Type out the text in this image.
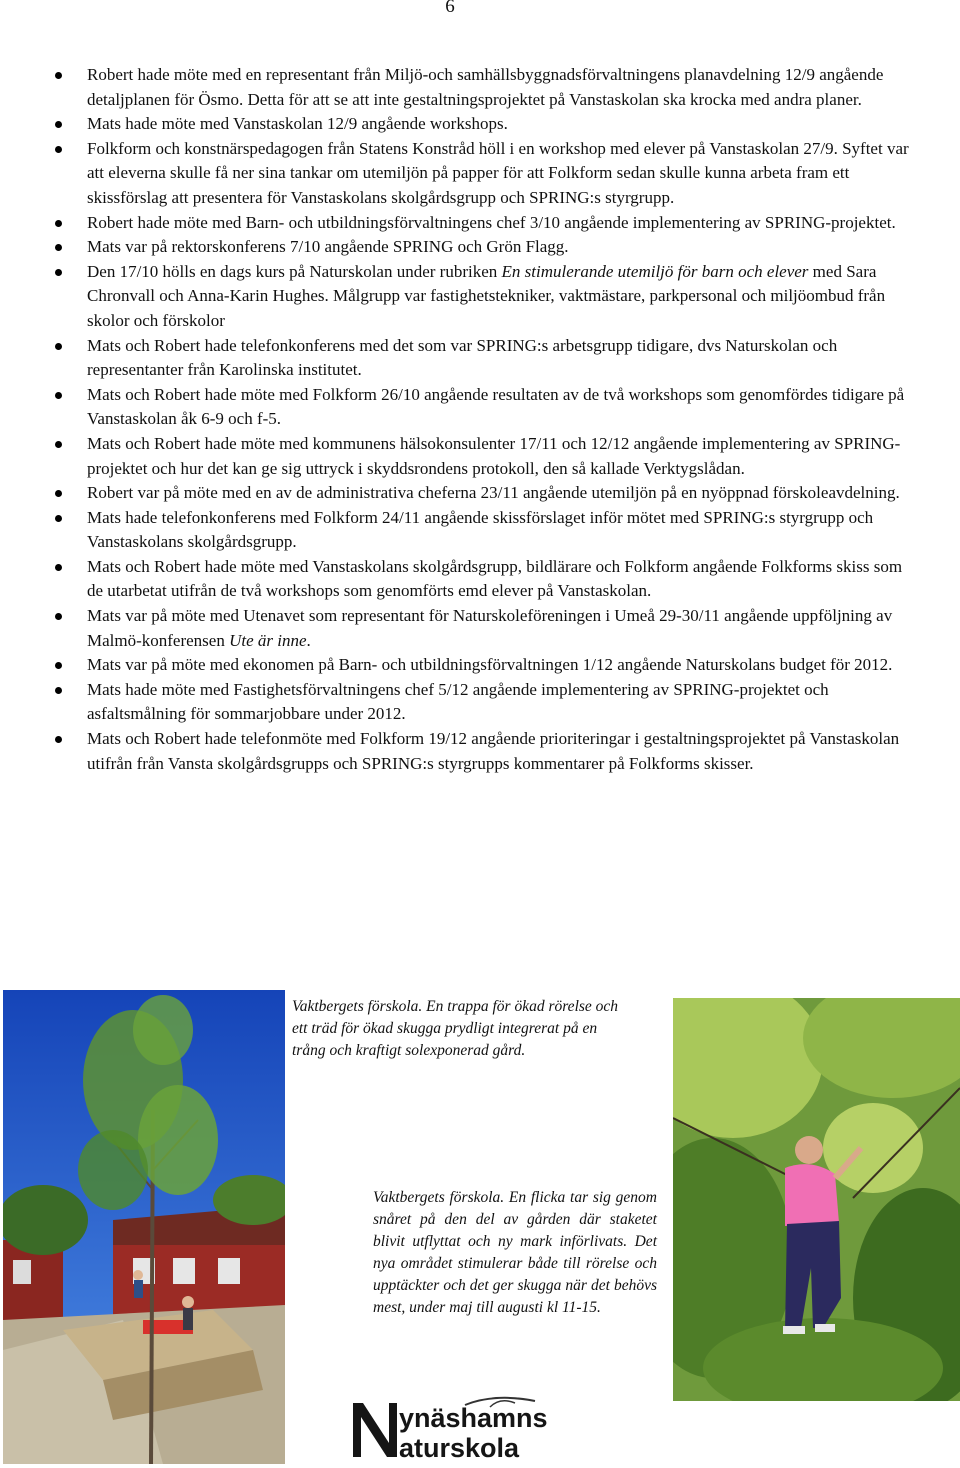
6
Robert hade möte med en representant från Miljö-och samhällsbyggnadsförvaltningens planavdelning 12/9 angående detaljplanen för Ösmo. Detta för att se att inte gestaltningsprojektet på Vanstaskolan ska krocka med andra planer.
Mats hade möte med Vanstaskolan 12/9 angående workshops.
Folkform och konstnärspedagogen från Statens Konstråd höll i en workshop med elever på Vanstaskolan 27/9. Syftet var att eleverna skulle få ner sina tankar om utemiljön på papper för att Folkform sedan skulle kunna arbeta fram ett skissförslag att presentera för Vanstaskolans skolgårdsgrupp och SPRING:s styrgrupp.
Robert hade möte med Barn- och utbildningsförvaltningens chef 3/10 angående implementering av SPRING-projektet.
Mats var på rektorskonferens 7/10 angående SPRING och Grön Flagg.
Den 17/10 hölls en dags kurs på Naturskolan under rubriken En stimulerande utemiljö för barn och elever med Sara Chronvall och Anna-Karin Hughes. Målgrupp var fastighetstekniker, vaktmästare, parkpersonal och miljöombud från skolor och förskolor
Mats och Robert hade telefonkonferens med det som var SPRING:s arbetsgrupp tidigare, dvs Naturskolan och representanter från Karolinska institutet.
Mats och Robert hade möte med Folkform 26/10 angående resultaten av de två workshops som genomfördes tidigare på Vanstaskolan åk 6-9 och f-5.
Mats och Robert hade möte med kommunens hälsokonsulenter 17/11 och 12/12 angående implementering av SPRING-projektet och hur det kan ge sig uttryck i skyddsrondens protokoll, den så kallade Verktygslådan.
Robert var på möte med en av de administrativa cheferna 23/11 angående utemiljön på en nyöppnad förskoleavdelning.
Mats hade telefonkonferens med Folkform 24/11 angående skissförslaget inför mötet med SPRING:s styrgrupp och Vanstaskolans skolgårdsgrupp.
Mats och Robert hade möte med Vanstaskolans skolgårdsgrupp, bildlärare och Folkform angående Folkforms skiss som de utarbetat utifrån de två workshops som genomförts emd elever på Vanstaskolan.
Mats var på möte med Utenavet som representant för Naturskoleföreningen i Umeå 29-30/11 angående uppföljning av Malmö-konferensen Ute är inne.
Mats var på möte med ekonomen på Barn- och utbildningsförvaltningen 1/12 angående Naturskolans budget för 2012.
Mats hade möte med Fastighetsförvaltningens chef 5/12 angående implementering av SPRING-projektet och asfaltsmålning för sommarjobbare under 2012.
Mats och Robert hade telefonmöte med Folkform 19/12 angående prioriteringar i gestaltningsprojektet på Vanstaskolan utifrån från Vansta skolgårdsgrupps och SPRING:s styrgrupps kommentarer på Folkforms skisser.
Vaktbergets förskola. En trappa för ökad rörelse och ett träd för ökad skugga prydligt integrerat på en trång och kraftigt solexponerad gård.
Vaktbergets förskola. En flicka tar sig genom snåret på den del av gården där staketet blivit utflyttat och ny mark införlivats. Det nya området stimulerar både till rörelse och upptäckter och det ger skugga när det behövs mest, under maj till augusti kl 11-15.
ynäshamns
aturskola
